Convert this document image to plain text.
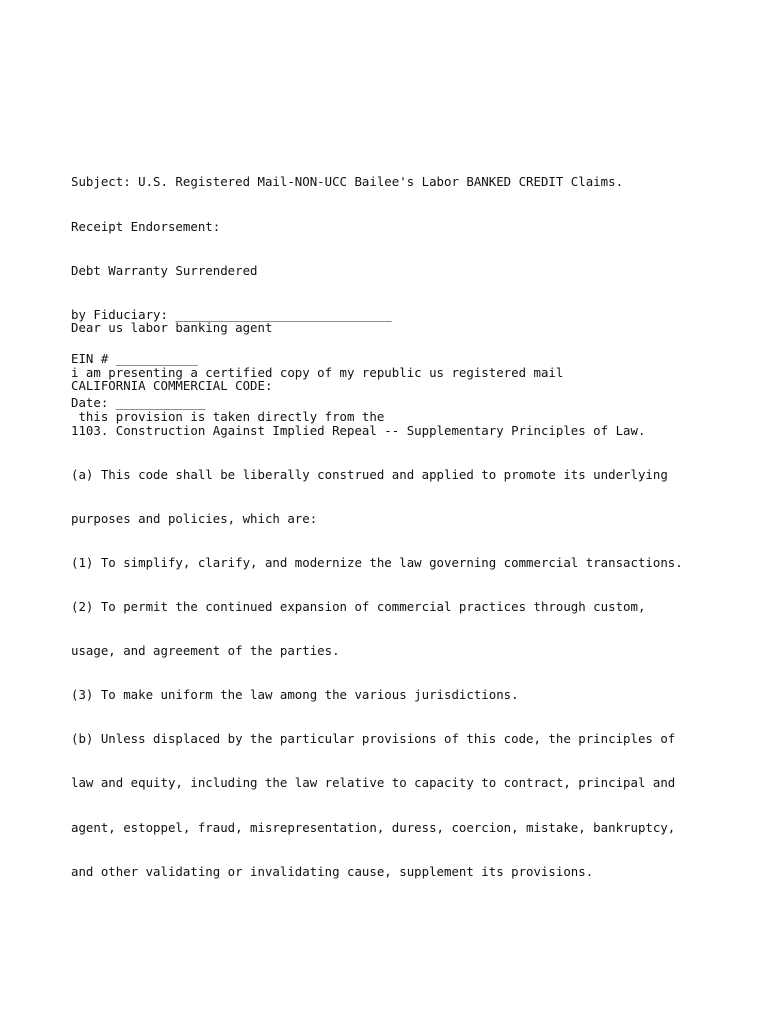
Subject: U.S. Registered Mail-NON-UCC Bailee's Labor BANKED CREDIT Claims.

Receipt Endorsement:

Debt Warranty Surrendered

by Fiduciary: _____________________________

EIN # ___________

Date: ____________

Dear us labor banking agent

i am presenting a certified copy of my republic us registered mail

this provision is taken directly from the

CALIFORNIA COMMERCIAL CODE:

1103. Construction Against Implied Repeal -- Supplementary Principles of Law.

(a) This code shall be liberally construed and applied to promote its underlying

purposes and policies, which are:

(1) To simplify, clarify, and modernize the law governing commercial transactions.

(2) To permit the continued expansion of commercial practices through custom,

usage, and agreement of the parties.

(3) To make uniform the law among the various jurisdictions.

(b) Unless displaced by the particular provisions of this code, the principles of

law and equity, including the law relative to capacity to contract, principal and

agent, estoppel, fraud, misrepresentation, duress, coercion, mistake, bankruptcy,

and other validating or invalidating cause, supplement its provisions.
